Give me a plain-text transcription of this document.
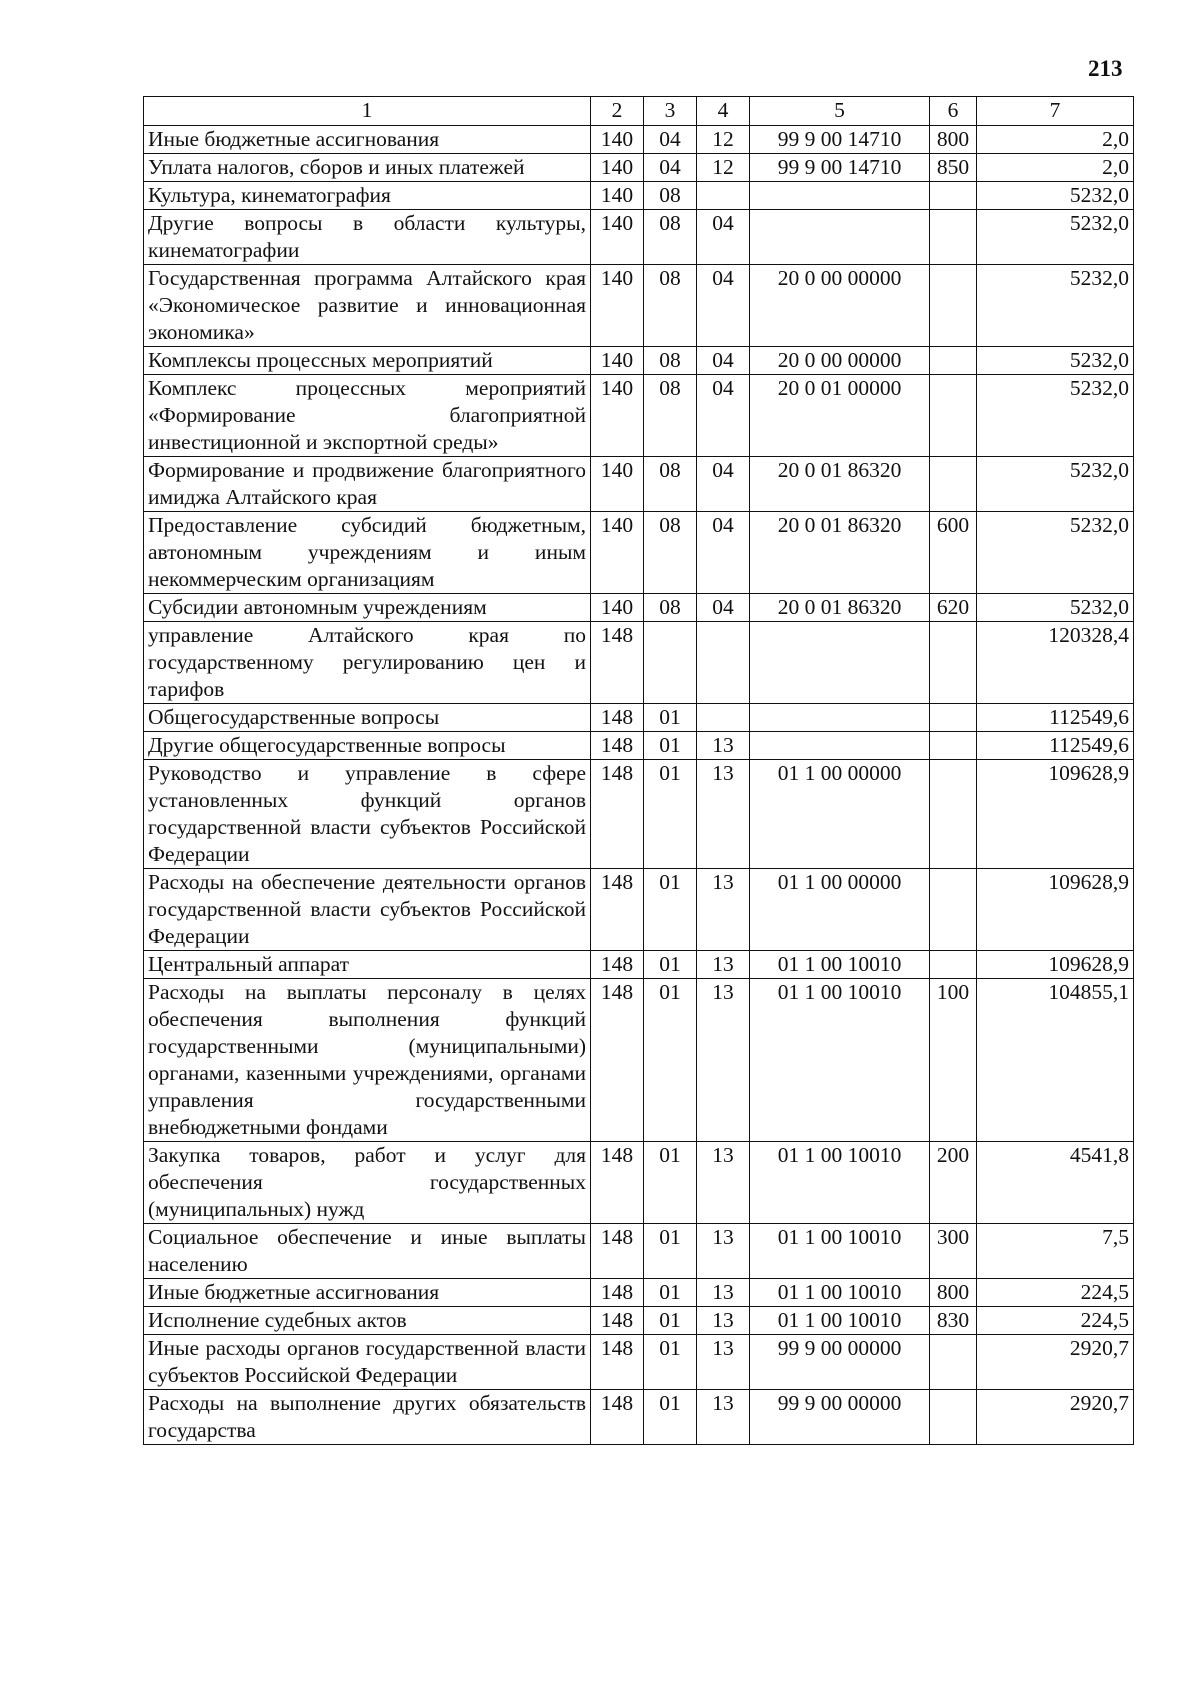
213
1	2	3	4	5	6	7
Иные бюджетные ассигнования	140	04	12	99 9 00 14710	800	2,0
Уплата налогов, сборов и иных платежей	140	04	12	99 9 00 14710	850	2,0
Культура, кинематография	140	08				5232,0
Другие вопросы в области культуры, кинематографии	140	08	04			5232,0
Государственная программа Алтайского края «Экономическое развитие и инновационная экономика»	140	08	04	20 0 00 00000		5232,0
Комплексы процессных мероприятий	140	08	04	20 0 00 00000		5232,0
Комплекс процессных мероприятий «Формирование благоприятной инвестиционной и экспортной среды»	140	08	04	20 0 01 00000		5232,0
Формирование и продвижение благоприятного имиджа Алтайского края	140	08	04	20 0 01 86320		5232,0
Предоставление субсидий бюджетным, автономным учреждениям и иным некоммерческим организациям	140	08	04	20 0 01 86320	600	5232,0
Субсидии автономным учреждениям	140	08	04	20 0 01 86320	620	5232,0
управление Алтайского края по государственному регулированию цен и тарифов	148					120328,4
Общегосударственные вопросы	148	01				112549,6
Другие общегосударственные вопросы	148	01	13			112549,6
Руководство и управление в сфере установленных функций органов государственной власти субъектов Российской Федерации	148	01	13	01 1 00 00000		109628,9
Расходы на обеспечение деятельности органов государственной власти субъектов Российской Федерации	148	01	13	01 1 00 00000		109628,9
Центральный аппарат	148	01	13	01 1 00 10010		109628,9
Расходы на выплаты персоналу в целях обеспечения выполнения функций государственными (муниципальными) органами, казенными учреждениями, органами управления государственными внебюджетными фондами	148	01	13	01 1 00 10010	100	104855,1
Закупка товаров, работ и услуг для обеспечения государственных (муниципальных) нужд	148	01	13	01 1 00 10010	200	4541,8
Социальное обеспечение и иные выплаты населению	148	01	13	01 1 00 10010	300	7,5
Иные бюджетные ассигнования	148	01	13	01 1 00 10010	800	224,5
Исполнение судебных актов	148	01	13	01 1 00 10010	830	224,5
Иные расходы органов государственной власти субъектов Российской Федерации	148	01	13	99 9 00 00000		2920,7
Расходы на выполнение других обязательств государства	148	01	13	99 9 00 00000		2920,7
